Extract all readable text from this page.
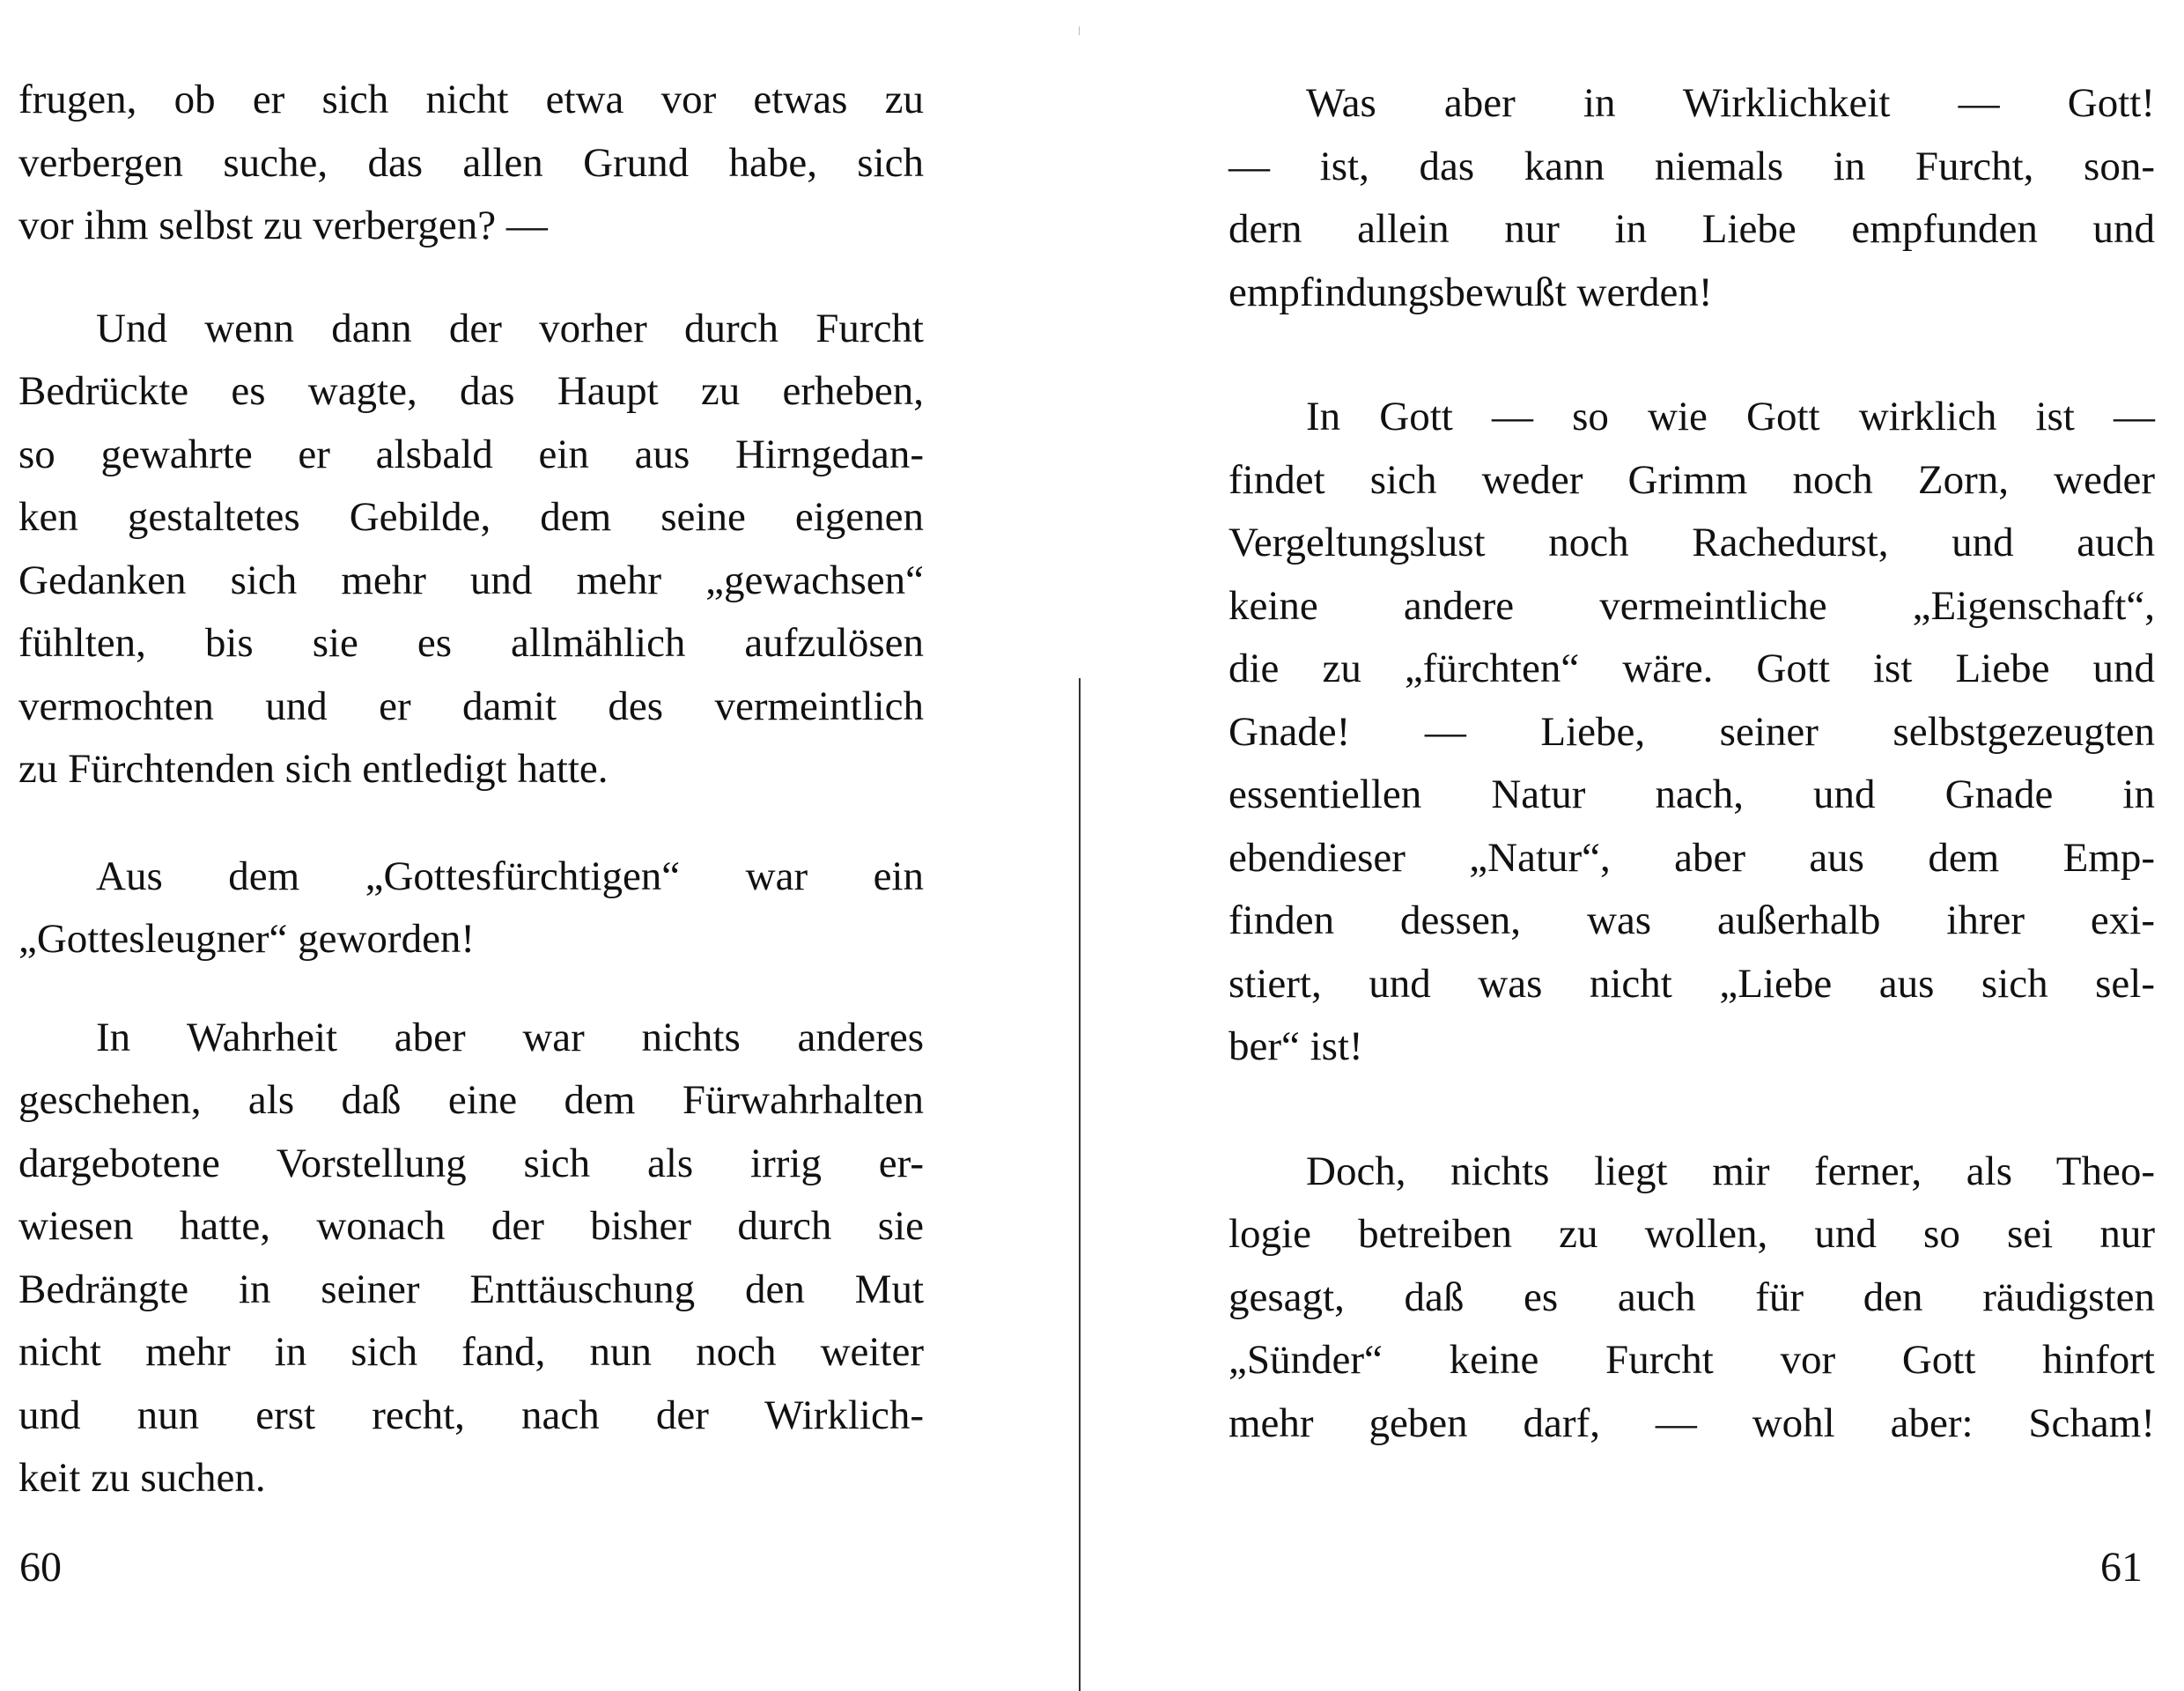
frugen, ob er sich nicht etwa vor etwas zu
verbergen suche, das allen Grund habe, sich
vor ihm selbst zu verbergen? —

Und wenn dann der vorher durch Furcht
Bedrückte es wagte, das Haupt zu erheben,
so gewahrte er alsbald ein aus Hirngedan-
ken gestaltetes Gebilde, dem seine eigenen
Gedanken sich mehr und mehr „gewachsen“
fühlten, bis sie es allmählich aufzulösen
vermochten und er damit des vermeintlich
zu Fürchtenden sich entledigt hatte.

Aus dem „Gottesfürchtigen“ war ein
„Gottesleugner“ geworden!

In Wahrheit aber war nichts anderes
geschehen, als daß eine dem Fürwahrhalten
dargebotene Vorstellung sich als irrig er-
wiesen hatte, wonach der bisher durch sie
Bedrängte in seiner Enttäuschung den Mut
nicht mehr in sich fand, nun noch weiter
und nun erst recht, nach der Wirklich-
keit zu suchen.

60

Was aber in Wirklichkeit — Gott!
— ist, das kann niemals in Furcht, son-
dern allein nur in Liebe empfunden und
empfindungsbewußt werden!

In Gott — so wie Gott wirklich ist —
findet sich weder Grimm noch Zorn, weder
Vergeltungslust noch Rachedurst, und auch
keine andere vermeintliche „Eigenschaft“,
die zu „fürchten“ wäre. Gott ist Liebe und
Gnade! — Liebe, seiner selbstgezeugten
essentiellen Natur nach, und Gnade in
ebendieser „Natur“, aber aus dem Emp-
finden dessen, was außerhalb ihrer exi-
stiert, und was nicht „Liebe aus sich sel-
ber“ ist!

Doch, nichts liegt mir ferner, als Theo-
logie betreiben zu wollen, und so sei nur
gesagt, daß es auch für den räudigsten
„Sünder“ keine Furcht vor Gott hinfort
mehr geben darf, — wohl aber: Scham!

61
